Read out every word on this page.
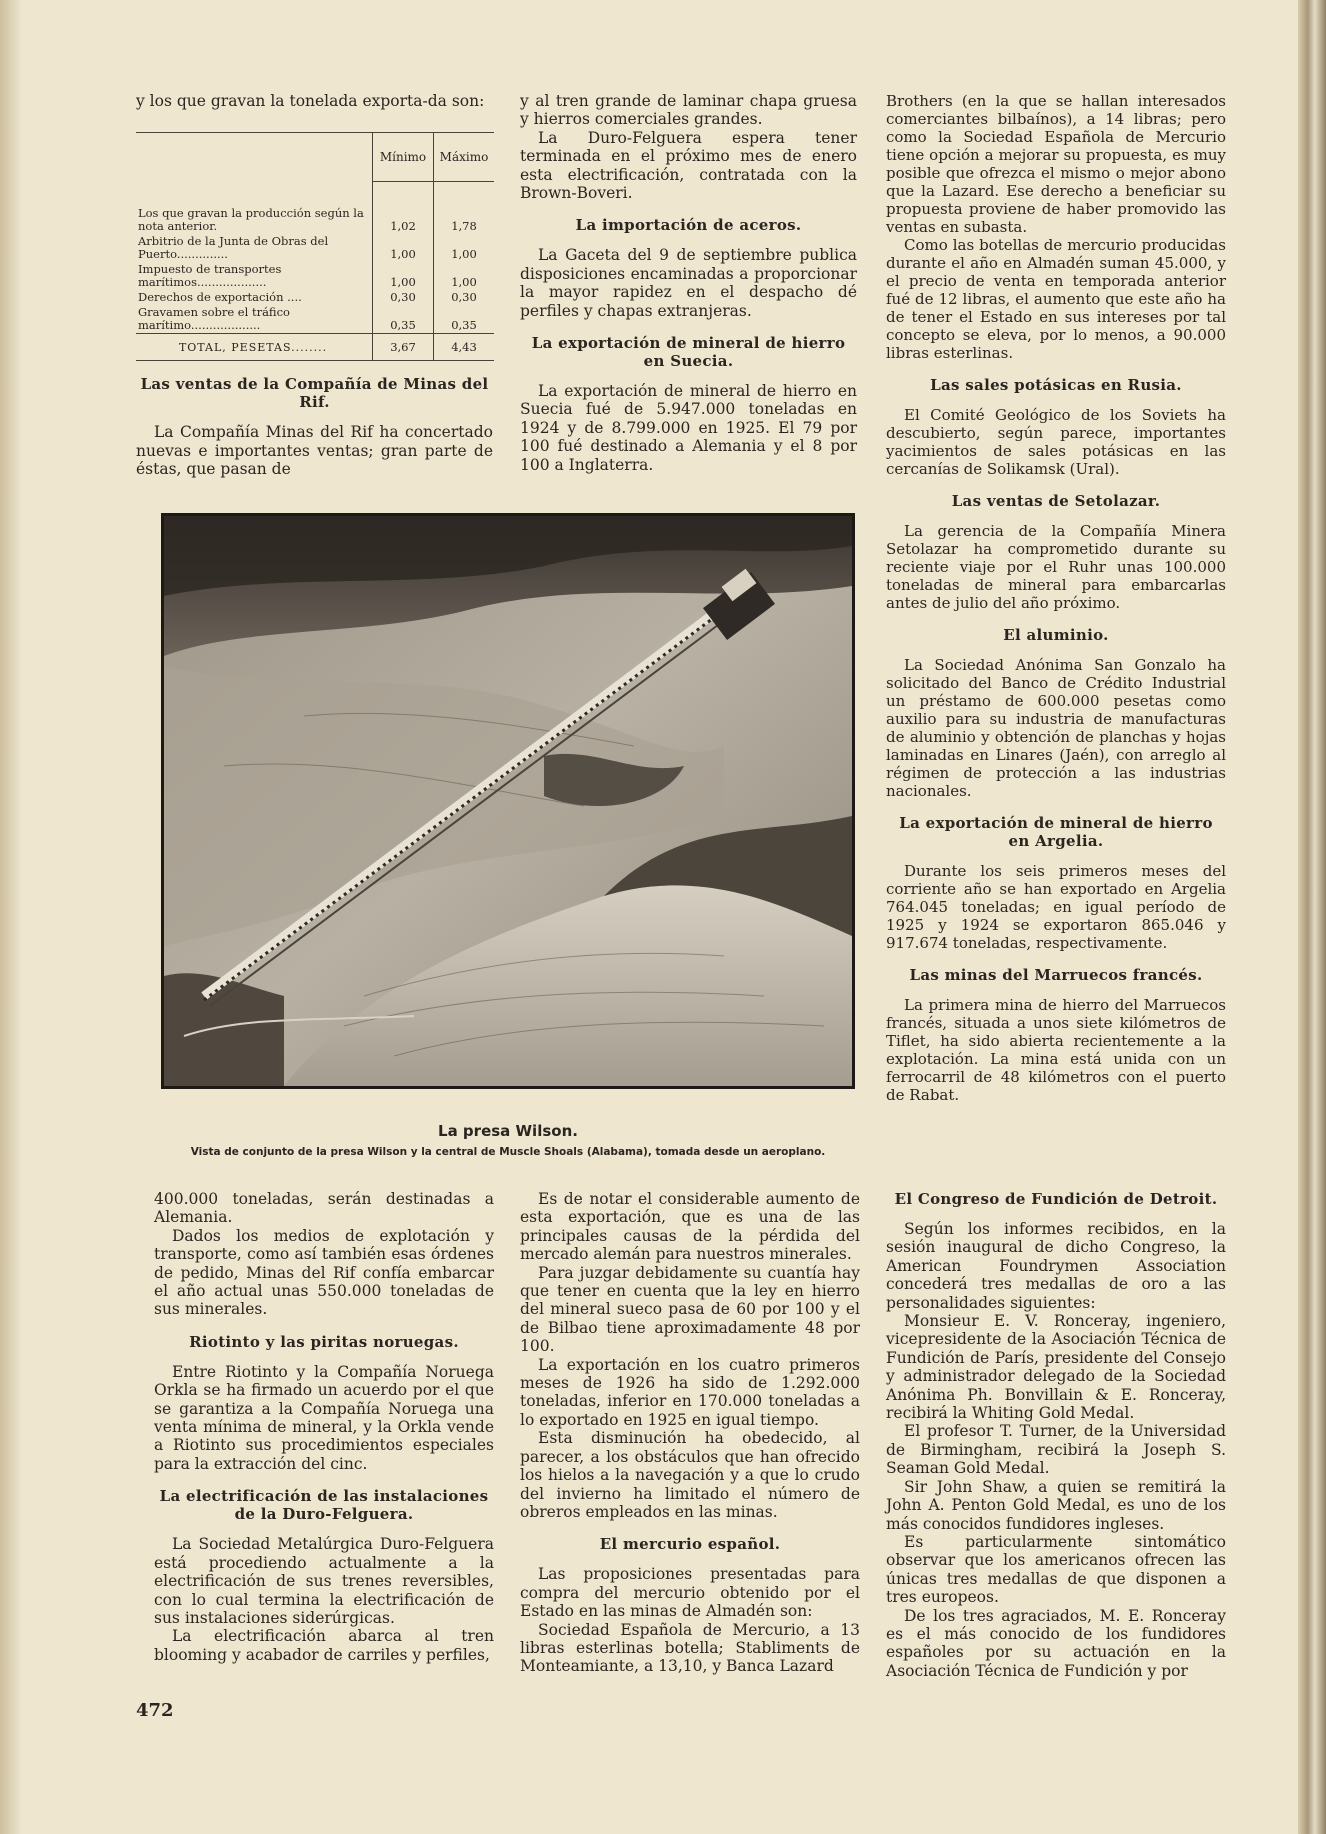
y los que gravan la tonelada exporta-da son:

	Mínimo	Máximo

Los que gravan la producción según la nota anterior.	1,02	1,78
Arbitrio de la Junta de Obras del Puerto..............	1,00	1,00
Impuesto de transportes marítimos...................	1,00	1,00
Derechos de exportación ....	0,30	0,30
Gravamen sobre el tráfico marítimo...................	0,35	0,35
TOTAL, PESETAS........	3,67	4,43
Las ventas de la Compañía de Minas del Rif.

La Compañía Minas del Rif ha concertado nuevas e importantes ventas; gran parte de éstas, que pasan de

y al tren grande de laminar chapa gruesa y hierros comerciales grandes.

La Duro-Felguera espera tener terminada en el próximo mes de enero esta electrificación, contratada con la Brown-Boveri.

La importación de aceros.

La Gaceta del 9 de septiembre publica disposiciones encaminadas a proporcionar la mayor rapidez en el despacho dé perfiles y chapas extranjeras.

La exportación de mineral de hierro en Suecia.

La exportación de mineral de hierro en Suecia fué de 5.947.000 toneladas en 1924 y de 8.799.000 en 1925. El 79 por 100 fué destinado a Alemania y el 8 por 100 a Inglaterra.

Brothers (en la que se hallan interesados comerciantes bilbaínos), a 14 libras; pero como la Sociedad Española de Mercurio tiene opción a mejorar su propuesta, es muy posible que ofrezca el mismo o mejor abono que la Lazard. Ese derecho a beneficiar su propuesta proviene de haber promovido las ventas en subasta.

Como las botellas de mercurio producidas durante el año en Almadén suman 45.000, y el precio de venta en temporada anterior fué de 12 libras, el aumento que este año ha de tener el Estado en sus intereses por tal concepto se eleva, por lo menos, a 90.000 libras esterlinas.

Las sales potásicas en Rusia.

El Comité Geológico de los Soviets ha descubierto, según parece, importantes yacimientos de sales potásicas en las cercanías de Solikamsk (Ural).

Las ventas de Setolazar.

La gerencia de la Compañía Minera Setolazar ha comprometido durante su reciente viaje por el Ruhr unas 100.000 toneladas de mineral para embarcarlas antes de julio del año próximo.

El aluminio.

La Sociedad Anónima San Gonzalo ha solicitado del Banco de Crédito Industrial un préstamo de 600.000 pesetas como auxilio para su industria de manufacturas de aluminio y obtención de planchas y hojas laminadas en Linares (Jaén), con arreglo al régimen de protección a las industrias nacionales.

La exportación de mineral de hierro en Argelia.

Durante los seis primeros meses del corriente año se han exportado en Argelia 764.045 toneladas; en igual período de 1925 y 1924 se exportaron 865.046 y 917.674 toneladas, respectivamente.

Las minas del Marruecos francés.

La primera mina de hierro del Marruecos francés, situada a unos siete kilómetros de Tiflet, ha sido abierta recientemente a la explotación. La mina está unida con un ferrocarril de 48 kilómetros con el puerto de Rabat.

La presa Wilson.
Vista de conjunto de la presa Wilson y la central de Muscle Shoals (Alabama), tomada desde un aeroplano.

400.000 toneladas, serán destinadas a Alemania.

Dados los medios de explotación y transporte, como así también esas órdenes de pedido, Minas del Rif confía embarcar el año actual unas 550.000 toneladas de sus minerales.

Riotinto y las piritas noruegas.

Entre Riotinto y la Compañía Noruega Orkla se ha firmado un acuerdo por el que se garantiza a la Compañía Noruega una venta mínima de mineral, y la Orkla vende a Riotinto sus procedimientos especiales para la extracción del cinc.

La electrificación de las instalaciones de la Duro-Felguera.

La Sociedad Metalúrgica Duro-Felguera está procediendo actualmente a la electrificación de sus trenes reversibles, con lo cual termina la electrificación de sus instalaciones siderúrgicas.

La electrificación abarca al tren blooming y acabador de carriles y perfiles,

Es de notar el considerable aumento de esta exportación, que es una de las principales causas de la pérdida del mercado alemán para nuestros minerales.

Para juzgar debidamente su cuantía hay que tener en cuenta que la ley en hierro del mineral sueco pasa de 60 por 100 y el de Bilbao tiene aproximadamente 48 por 100.

La exportación en los cuatro primeros meses de 1926 ha sido de 1.292.000 toneladas, inferior en 170.000 toneladas a lo exportado en 1925 en igual tiempo.

Esta disminución ha obedecido, al parecer, a los obstáculos que han ofrecido los hielos a la navegación y a que lo crudo del invierno ha limitado el número de obreros empleados en las minas.

El mercurio español.

Las proposiciones presentadas para compra del mercurio obtenido por el Estado en las minas de Almadén son:

Sociedad Española de Mercurio, a 13 libras esterlinas botella; Stabliments de Monteamiante, a 13,10, y Banca Lazard

El Congreso de Fundición de Detroit.

Según los informes recibidos, en la sesión inaugural de dicho Congreso, la American Foundrymen Association concederá tres medallas de oro a las personalidades siguientes:

Monsieur E. V. Ronceray, ingeniero, vicepresidente de la Asociación Técnica de Fundición de París, presidente del Consejo y administrador delegado de la Sociedad Anónima Ph. Bonvillain & E. Ronceray, recibirá la Whiting Gold Medal.

El profesor T. Turner, de la Universidad de Birmingham, recibirá la Joseph S. Seaman Gold Medal.

Sir John Shaw, a quien se remitirá la John A. Penton Gold Medal, es uno de los más conocidos fundidores ingleses.

Es particularmente sintomático observar que los americanos ofrecen las únicas tres medallas de que disponen a tres europeos.

De los tres agraciados, M. E. Ronceray es el más conocido de los fundidores españoles por su actuación en la Asociación Técnica de Fundición y por

472
